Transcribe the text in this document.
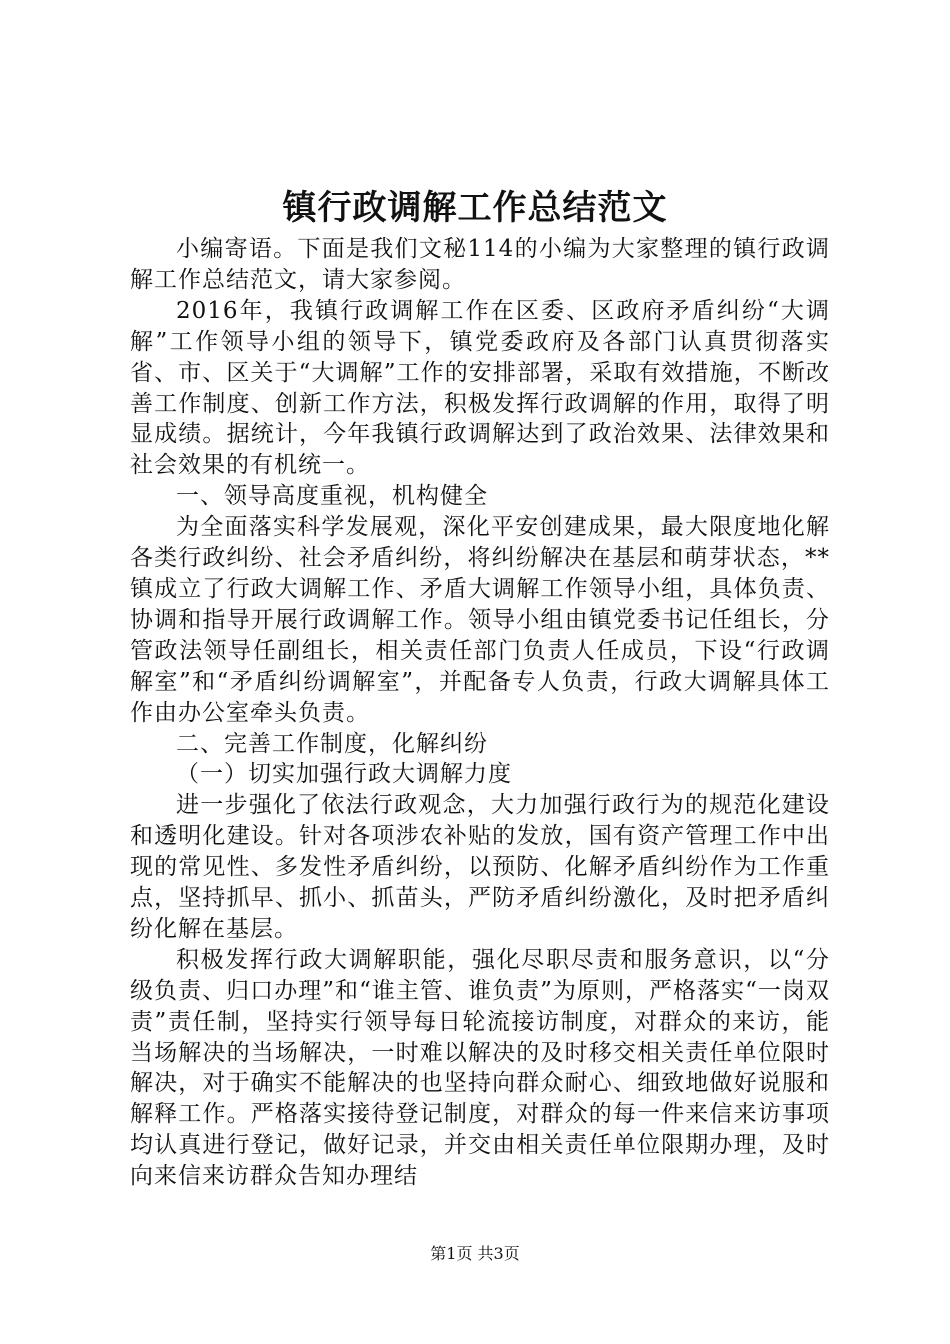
镇行政调解工作总结范文

小编寄语。下面是我们文秘114的小编为大家整理的镇行政调解工作总结范文，请大家参阅。

2016年，我镇行政调解工作在区委、区政府矛盾纠纷“大调解”工作领导小组的领导下，镇党委政府及各部门认真贯彻落实省、市、区关于“大调解”工作的安排部署，采取有效措施，不断改善工作制度、创新工作方法，积极发挥行政调解的作用，取得了明显成绩。据统计，今年我镇行政调解达到了政治效果、法律效果和社会效果的有机统一。

一、领导高度重视，机构健全

为全面落实科学发展观，深化平安创建成果，最大限度地化解各类行政纠纷、社会矛盾纠纷，将纠纷解决在基层和萌芽状态，**镇成立了行政大调解工作、矛盾大调解工作领导小组，具体负责、协调和指导开展行政调解工作。领导小组由镇党委书记任组长，分管政法领导任副组长，相关责任部门负责人任成员，下设“行政调解室”和“矛盾纠纷调解室”，并配备专人负责，行政大调解具体工作由办公室牵头负责。

二、完善工作制度，化解纠纷

（一）切实加强行政大调解力度

进一步强化了依法行政观念，大力加强行政行为的规范化建设和透明化建设。针对各项涉农补贴的发放，国有资产管理工作中出现的常见性、多发性矛盾纠纷，以预防、化解矛盾纠纷作为工作重点，坚持抓早、抓小、抓苗头，严防矛盾纠纷激化，及时把矛盾纠纷化解在基层。

积极发挥行政大调解职能，强化尽职尽责和服务意识，以“分级负责、归口办理”和“谁主管、谁负责”为原则，严格落实“一岗双责”责任制，坚持实行领导每日轮流接访制度，对群众的来访，能当场解决的当场解决，一时难以解决的及时移交相关责任单位限时解决，对于确实不能解决的也坚持向群众耐心、细致地做好说服和解释工作。严格落实接待登记制度，对群众的每一件来信来访事项均认真进行登记，做好记录，并交由相关责任单位限期办理，及时向来信来访群众告知办理结

第1页 共3页
